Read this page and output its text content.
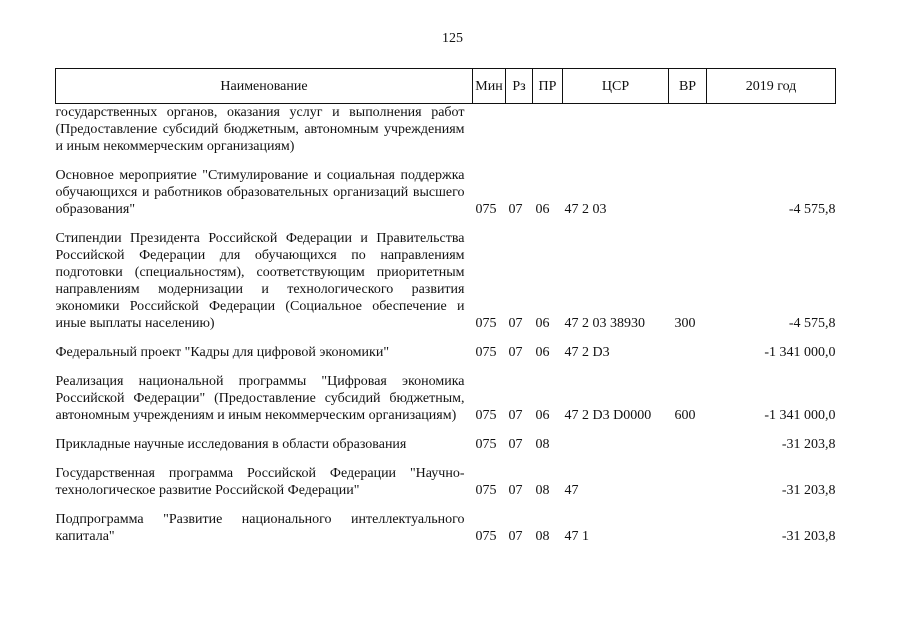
125
Наименование	Мин	Рз	ПР	ЦСР	ВР	2019 год
государственных органов, оказания услуг и выполнения работ (Предоставление субсидий бюджетным, автономным учреждениям и иным некоммерческим организациям)						

Основное мероприятие "Стимулирование и социальная поддержка обучающихся и работников образовательных организаций высшего образования"	075	07	06	47 2 03		-4 575,8

Стипендии Президента Российской Федерации и Правительства Российской Федерации для обучающихся по направлениям подготовки (специальностям), соответствующим приоритетным направлениям модернизации и технологического развития экономики Российской Федерации (Социальное обеспечение и иные выплаты населению)	075	07	06	47 2 03 38930	300	-4 575,8

Федеральный проект "Кадры для цифровой экономики"	075	07	06	47 2 D3		-1 341 000,0

Реализация национальной программы "Цифровая экономика Российской Федерации" (Предоставление субсидий бюджетным, автономным учреждениям и иным некоммерческим организациям)	075	07	06	47 2 D3 D0000	600	-1 341 000,0

Прикладные научные исследования в области образования	075	07	08			-31 203,8

Государственная программа Российской Федерации "Научно-технологическое развитие Российской Федерации"	075	07	08	47		-31 203,8

Подпрограмма "Развитие национального интеллектуального капитала"	075	07	08	47 1		-31 203,8
